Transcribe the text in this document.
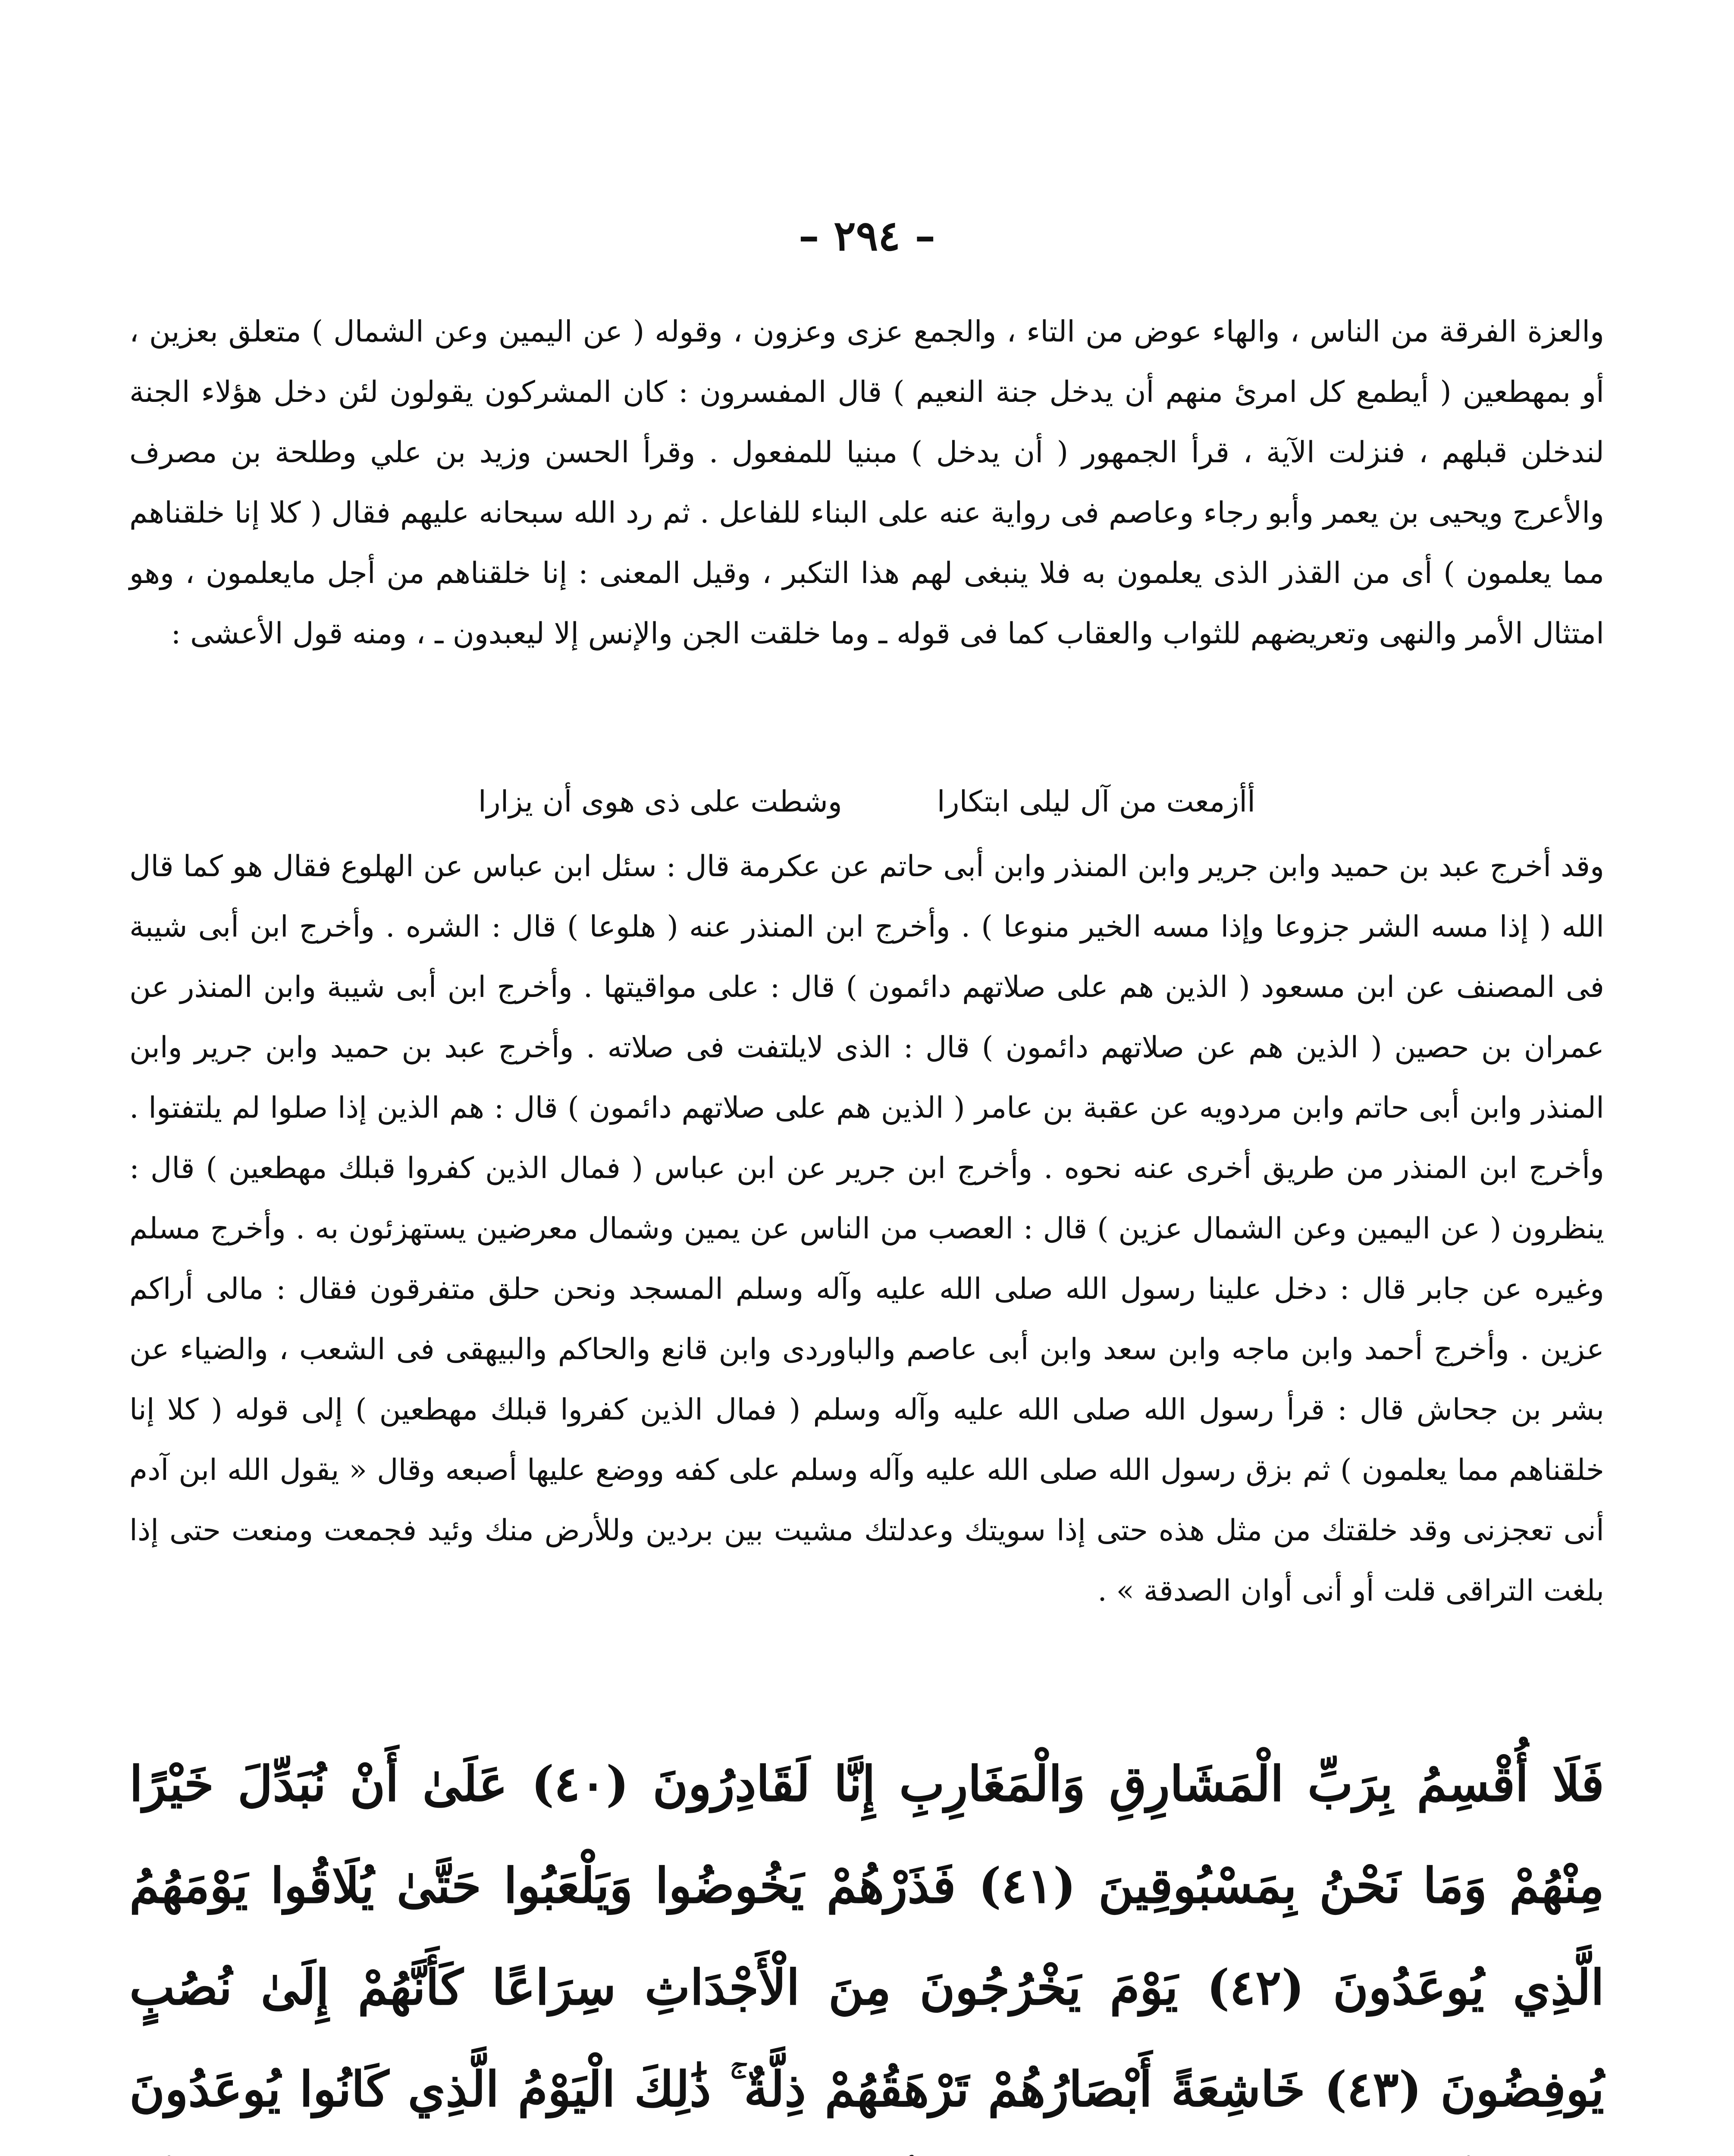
– ٢٩٤ –

والعزة الفرقة من الناس ، والهاء عوض من التاء ، والجمع عزى وعزون ، وقوله ( عن اليمين وعن الشمال ) متعلق بعزين ، أو بمهطعين ( أيطمع كل امرئ منهم أن يدخل جنة النعيم ) قال المفسرون : كان المشركون يقولون لئن دخل هؤلاء الجنة لندخلن قبلهم ، فنزلت الآية ، قرأ الجمهور ( أن يدخل ) مبنيا للمفعول . وقرأ الحسن وزيد بن علي وطلحة بن مصرف والأعرج ويحيى بن يعمر وأبو رجاء وعاصم فى رواية عنه على البناء للفاعل . ثم رد الله سبحانه عليهم فقال ( كلا إنا خلقناهم مما يعلمون ) أى من القذر الذى يعلمون به فلا ينبغى لهم هذا التكبر ، وقيل المعنى : إنا خلقناهم من أجل مايعلمون ، وهو امتثال الأمر والنهى وتعريضهم للثواب والعقاب كما فى قوله ـ وما خلقت الجن والإنس إلا ليعبدون ـ ، ومنه قول الأعشى :

أأزمعت من آل ليلى ابتكاراوشطت على ذى هوى أن يزارا

وقد أخرج عبد بن حميد وابن جرير وابن المنذر وابن أبى حاتم عن عكرمة قال : سئل ابن عباس عن الهلوع فقال هو كما قال الله ( إذا مسه الشر جزوعا وإذا مسه الخير منوعا ) . وأخرج ابن المنذر عنه ( هلوعا ) قال : الشره . وأخرج ابن أبى شيبة فى المصنف عن ابن مسعود ( الذين هم على صلاتهم دائمون ) قال : على مواقيتها . وأخرج ابن أبى شيبة وابن المنذر عن عمران بن حصين ( الذين هم عن صلاتهم دائمون ) قال : الذى لايلتفت فى صلاته . وأخرج عبد بن حميد وابن جرير وابن المنذر وابن أبى حاتم وابن مردويه عن عقبة بن عامر ( الذين هم على صلاتهم دائمون ) قال : هم الذين إذا صلوا لم يلتفتوا . وأخرج ابن المنذر من طريق أخرى عنه نحوه . وأخرج ابن جرير عن ابن عباس ( فمال الذين كفروا قبلك مهطعين ) قال : ينظرون ( عن اليمين وعن الشمال عزين ) قال : العصب من الناس عن يمين وشمال معرضين يستهزئون به . وأخرج مسلم وغيره عن جابر قال : دخل علينا رسول الله صلى الله عليه وآله وسلم المسجد ونحن حلق متفرقون فقال : مالى أراكم عزين . وأخرج أحمد وابن ماجه وابن سعد وابن أبى عاصم والباوردى وابن قانع والحاكم والبيهقى فى الشعب ، والضياء عن بشر بن جحاش قال : قرأ رسول الله صلى الله عليه وآله وسلم ( فمال الذين كفروا قبلك مهطعين ) إلى قوله ( كلا إنا خلقناهم مما يعلمون ) ثم بزق رسول الله صلى الله عليه وآله وسلم على كفه ووضع عليها أصبعه وقال « يقول الله ابن آدم أنى تعجزنى وقد خلقتك من مثل هذه حتى إذا سويتك وعدلتك مشيت بين بردين وللأرض منك وئيد فجمعت ومنعت حتى إذا بلغت التراقى قلت أو أنى أوان الصدقة » .

فَلَا أُقْسِمُ بِرَبِّ الْمَشَارِقِ وَالْمَغَارِبِ إِنَّا لَقَادِرُونَ (٤٠) عَلَىٰ أَنْ نُبَدِّلَ خَيْرًا مِنْهُمْ وَمَا نَحْنُ بِمَسْبُوقِينَ (٤١) فَذَرْهُمْ يَخُوضُوا وَيَلْعَبُوا حَتَّىٰ يُلَاقُوا يَوْمَهُمُ الَّذِي يُوعَدُونَ (٤٢) يَوْمَ يَخْرُجُونَ مِنَ الْأَجْدَاثِ سِرَاعًا كَأَنَّهُمْ إِلَىٰ نُصُبٍ يُوفِضُونَ (٤٣) خَاشِعَةً أَبْصَارُهُمْ تَرْهَقُهُمْ ذِلَّةٌ ۚ ذَٰلِكَ الْيَوْمُ الَّذِي كَانُوا يُوعَدُونَ
